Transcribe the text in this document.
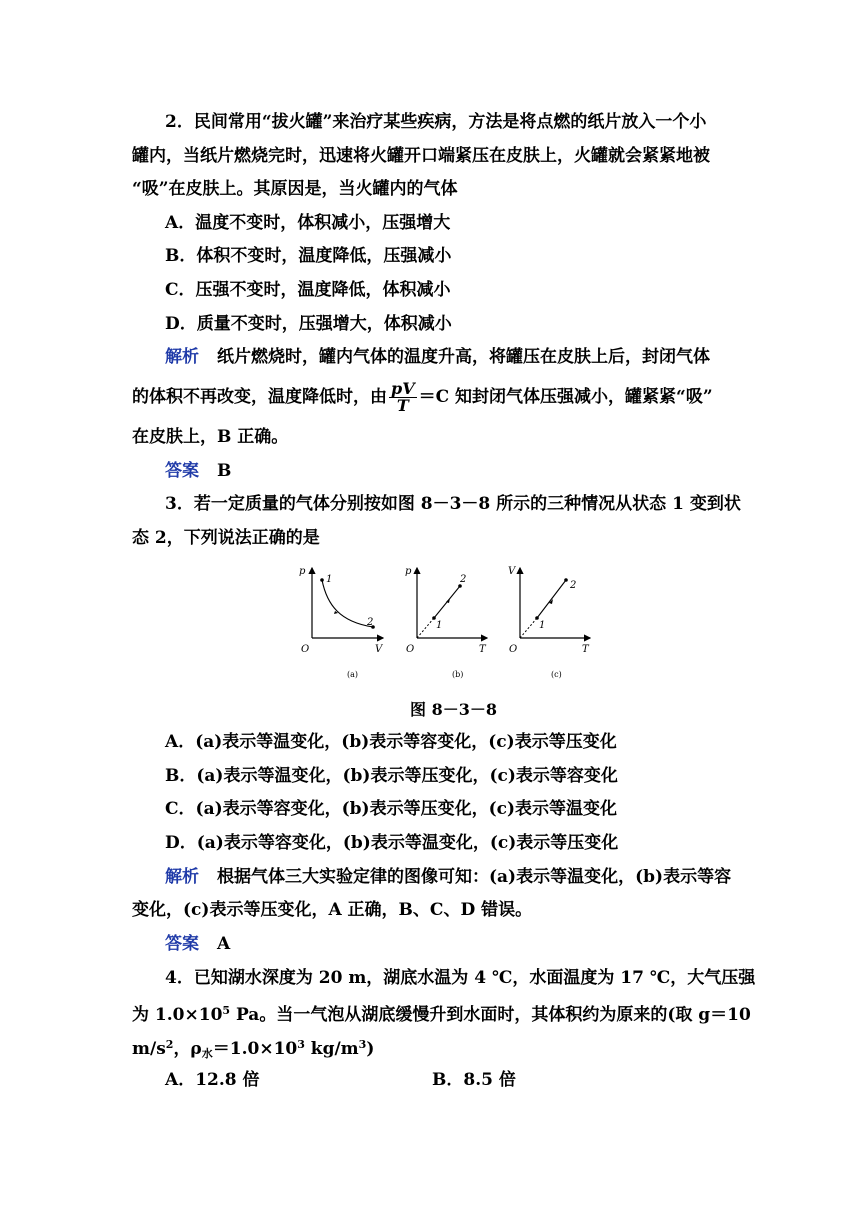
2．民间常用“拔火罐”来治疗某些疾病，方法是将点燃的纸片放入一个小
罐内，当纸片燃烧完时，迅速将火罐开口端紧压在皮肤上，火罐就会紧紧地被
“吸”在皮肤上。其原因是，当火罐内的气体
A．温度不变时，体积减小，压强增大
B．体积不变时，温度降低，压强减小
C．压强不变时，温度降低，体积减小
D．质量不变时，压强增大，体积减小
解析 纸片燃烧时，罐内气体的温度升高，将罐压在皮肤上后，封闭气体
的体积不再改变，温度降低时，由 $\frac{pV}{T} =C$ 知封闭气体压强减小，罐紧紧“吸”
在皮肤上，B 正确。
答案 B
3．若一定质量的气体分别按如图 8－3－8 所示的三种情况从状态 1 变到状
态 2，下列说法正确的是
p
V
O
1
2
(a)
p
T
O
1
2
(b)
V
T
O
1
2
(c)
图 8－3－8
A．(a)表示等温变化，(b)表示等容变化，(c)表示等压变化
B．(a)表示等温变化，(b)表示等压变化，(c)表示等容变化
C．(a)表示等容变化，(b)表示等压变化，(c)表示等温变化
D．(a)表示等容变化，(b)表示等温变化，(c)表示等压变化
解析 根据气体三大实验定律的图像可知：(a)表示等温变化，(b)表示等容
变化，(c)表示等压变化，A 正确，B、C、D 错误。
答案 A
4．已知湖水深度为 20 m，湖底水温为 4 ℃，水面温度为 17 ℃，大气压强
为 $1.0\times 10^5$ Pa。当一气泡从湖底缓慢升到水面时，其体积约为原来的(取 g＝10
$m/s^2$，$\rho_水=1.0\times 10^3$ $kg/m^3$)
A．12.8 倍	B．8.5 倍
